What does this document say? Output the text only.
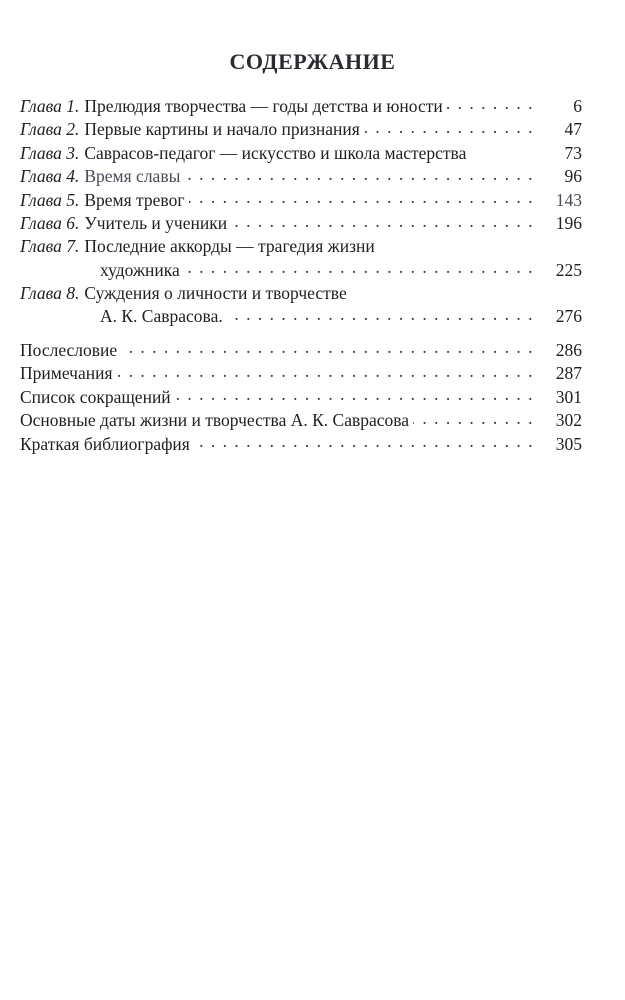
СОДЕРЖАНИЕ
Глава 1. Прелюдия творчества — годы детства и юности . . .	6
Глава 2. Первые картины и начало признания . . .	47
Глава 3. Саврасов-педагог — искусство и школа мастерства	73
Глава 4. Время славы . . .	96
Глава 5. Время тревог . . .	143
Глава 6. Учитель и ученики . . .	196
Глава 7. Последние аккорды — трагедия жизни
художника . . .	225
Глава 8. Суждения о личности и творчестве
А. К. Саврасова. . . .	276
Послесловие . . .	286
Примечания . . .	287
Список сокращений . . .	301
Основные даты жизни и творчества А. К. Саврасова . . .	302
Краткая библиография . . .	305
